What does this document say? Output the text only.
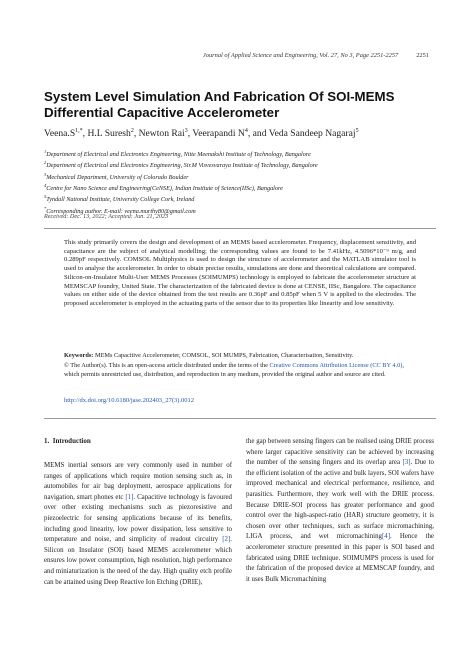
Journal of Applied Science and Engineering, Vol. 27, No 3, Page 2251-2257	2251
System Level Simulation And Fabrication Of SOI-MEMS Differential Capacitive Accelerometer
$Veena.S^{1,*}$, H.L Suresh$^2$, Newton Rai$^3$, Veerapandi $N^4$, and Veda Sandeep Nagaraj$^5$
$^1$Department of Electrical and Electronics Engineering, Nitte Meenakshi Institute of Technology, Bangalore
$^2$Department of Electrical and Electronics Engineering, Sir.M Visvesvaraya Institute of Technology, Bangalore
$^3$Mechanical Department, University of Colorado Boulder
$^4$Centre for Nano Science and Engineering(CeNSE), Indian Institute of Science(IISc), Bangalore
$^5$Tyndall National Institute, University College Cork, Ireland
*Corresponding author. E-mail: veena.murthy80@gmail.com
Received: Dec. 13, 2022; Accepted: Jun. 21, 2023
This study primarily covers the design and development of an MEMS based accelerometer. Frequency, displacement sensitivity, and capacitance are the subject of analytical modelling; the corresponding values are found to be 7.41kHz, 4.5096*10⁻⁹ m/g, and 0.289pF respectively. COMSOL Multiphysics is used to design the structure of accelerometer and the MATLAB simulator tool is used to analyse the accelerometer. In order to obtain precise results, simulations are done and theoretical calculations are compared. Silicon-on-Insulator Multi-User MEMS Processes (SOIMUMPS) technology is employed to fabricate the accelerometer structure at MEMSCAP foundry, United State. The characterization of the fabricated device is done at CENSE, IISc, Bangalore. The capacitance values on either side of the device obtained from the test results are 0.36pF and 0.85pF when 5 V is applied to the electrodes. The proposed accelerometer is employed in the actuating parts of the sensor due to its properties like linearity and low sensitivity.
Keywords: MEMs Capacitive Accelerometer, COMSOL, SOI MUMPS, Fabrication, Characterisation, Sensitivity.
© The Author(s). This is an open-access article distributed under the terms of the Creative Commons Attribution License (CC BY 4.0), which permits unrestricted use, distribution, and reproduction in any medium, provided the original author and source are cited.
http://dx.doi.org/10.6180/jase.202403_27(3).0012
1. Introduction
MEMS inertial sensors are very commonly used in number of ranges of applications which require motion sensing such as, in automobiles for air bag deployment, aerospace applications for navigation, smart phones etc [1]. Capacitive technology is favoured over other existing mechanisms such as piezoresistive and piezoelectric for sensing applications because of its benefits, including good linearity, low power dissipation, less sensitive to temperature and noise, and simplicity of readout circuitry [2]. Silicon on Insulator (SOI) based MEMS accelerometer which ensures low power consumption, high resolution, high performance and miniaturization is the need of the day. High quality etch profile can be attained using Deep Reactive Ion Etching (DRIE),
the gap between sensing fingers can be realised using DRIE process where larger capacitive sensitivity can be achieved by increasing the number of the sensing fingers and its overlap area [3]. Due to the efficient isolation of the active and bulk layers, SOI wafers have improved mechanical and electrical performance, resilience, and parasitics. Furthermore, they work well with the DRIE process. Because DRIE-SOI process has greater performance and good control over the high-aspect-ratio (HAR) structure geometry, it is chosen over other techniques, such as surface micromachining, LIGA process, and wet micromachining[4]. Hence the accelerometer structure presented in this paper is SOI based and fabricated using DRIE technique. SOIMUMPS process is used for the fabrication of the proposed device at MEMSCAP foundry, and it uses Bulk Micromachining
